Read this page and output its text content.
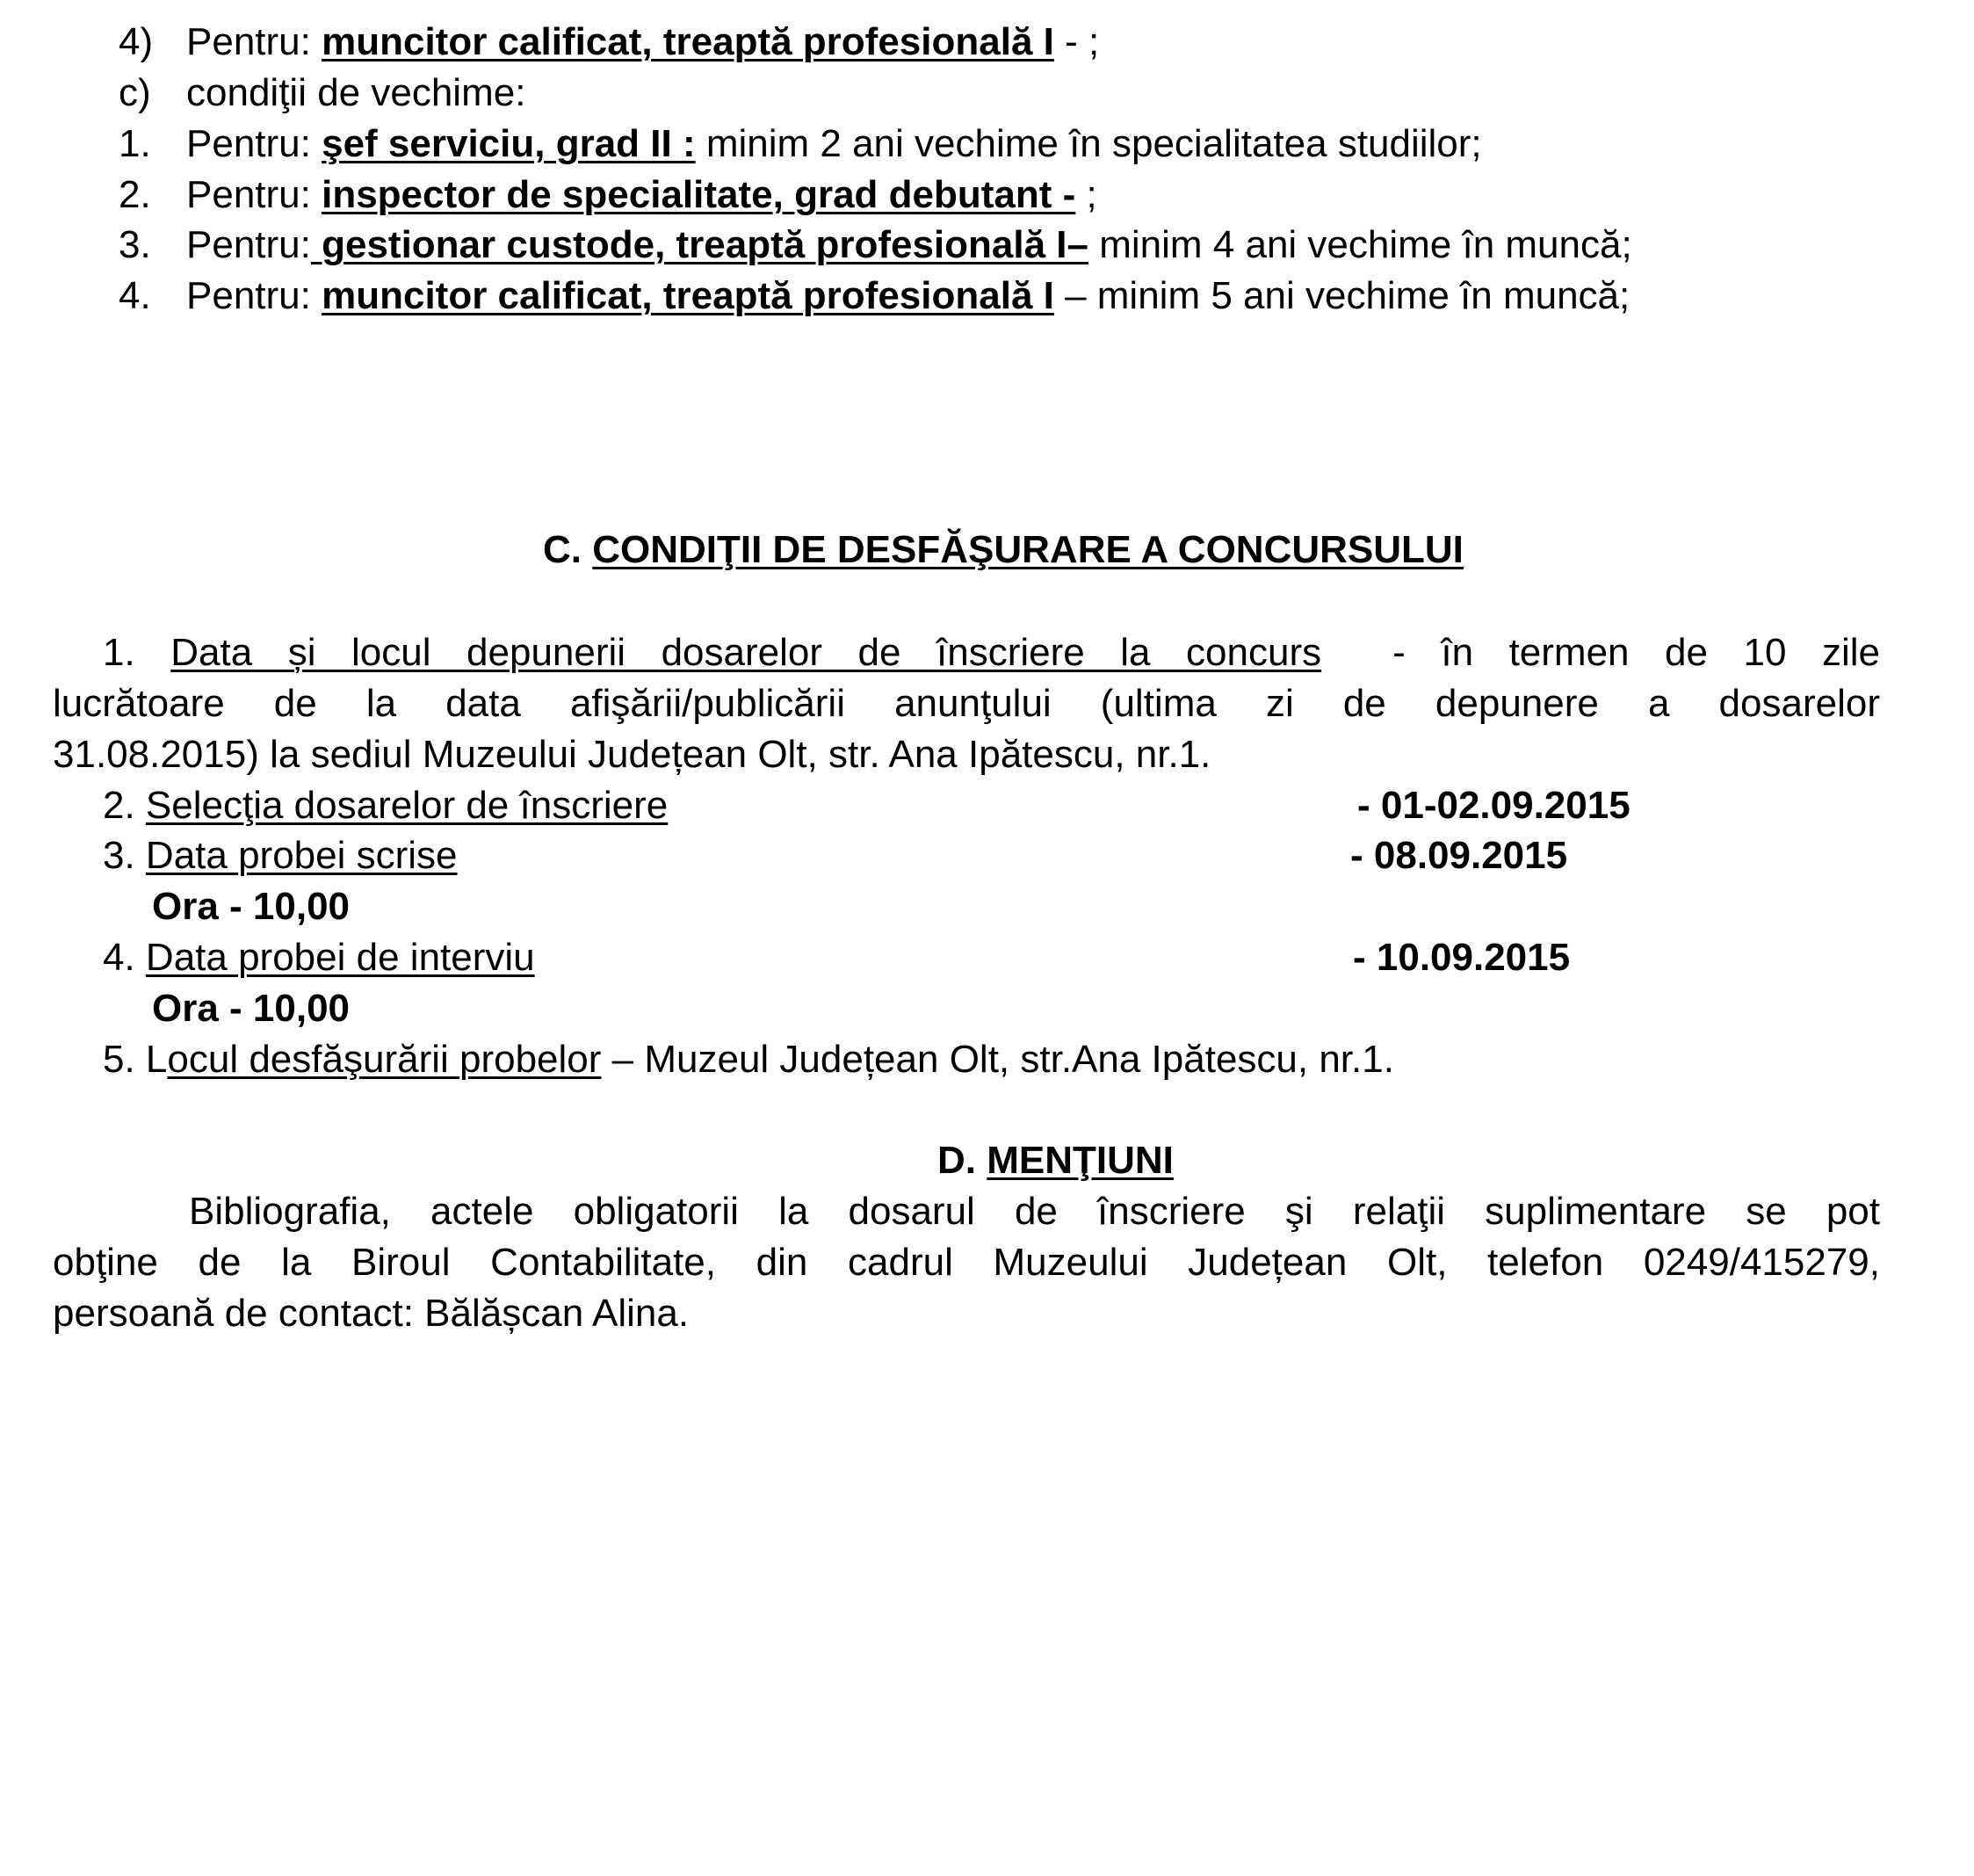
4) Pentru: muncitor calificat, treaptă profesională I - ;
c) condiţii de vechime:
1. Pentru: şef serviciu, grad II : minim 2 ani vechime în specialitatea studiilor;
2. Pentru: inspector de specialitate, grad debutant - ;
3. Pentru: gestionar custode, treaptă profesională I– minim 4 ani vechime în muncă;
4. Pentru: muncitor calificat, treaptă profesională I – minim 5 ani vechime în muncă;
C. CONDIŢII DE DESFĂŞURARE A CONCURSULUI
1. Data și locul depunerii dosarelor de înscriere la concurs - în termen de 10 zile
lucrătoare de la data afişării/publicării anunţului (ultima zi de depunere a dosarelor
31.08.2015) la sediul Muzeului Județean Olt, str. Ana Ipătescu, nr.1.
2. Selecţia dosarelor de înscriere	- 01-02.09.2015
3. Data probei scrise	- 08.09.2015
Ora - 10,00
4. Data probei de interviu	- 10.09.2015
Ora - 10,00
5. Locul desfăşurării probelor – Muzeul Județean Olt, str.Ana Ipătescu, nr.1.
D. MENŢIUNI
Bibliografia, actele obligatorii la dosarul de înscriere şi relaţii suplimentare se pot
obţine de la Biroul Contabilitate, din cadrul Muzeului Județean Olt, telefon 0249/415279,
persoană de contact: Bălășcan Alina.
